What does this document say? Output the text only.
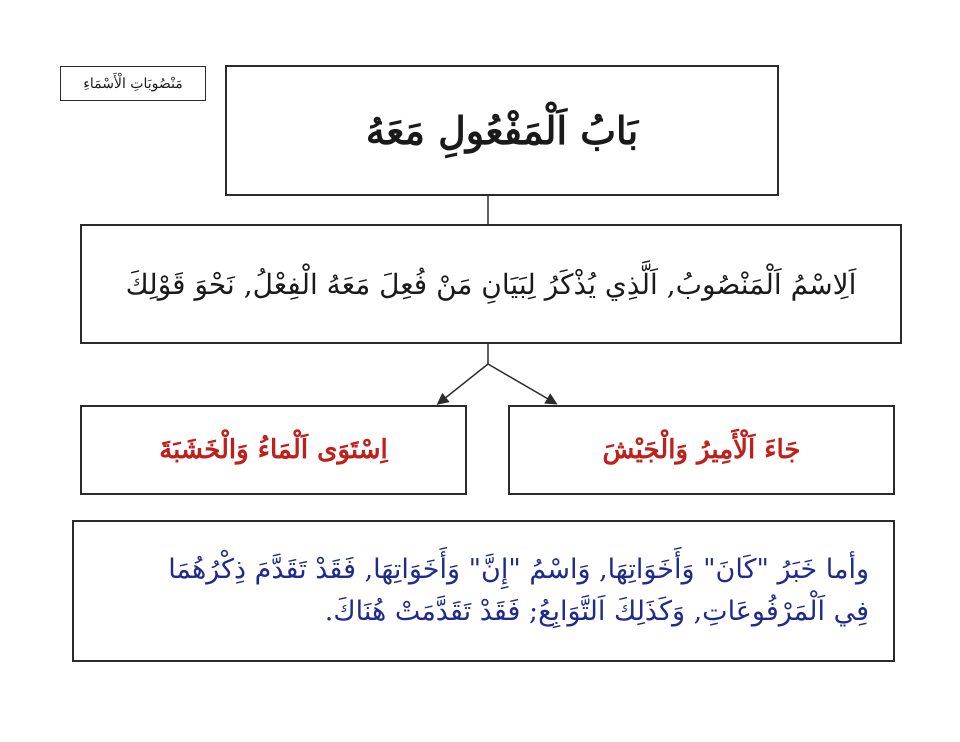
مَنْصُوبَاتِ الْأَسْمَاءِ
بَابُ اَلْمَفْعُولِ مَعَهُ
اَلِاسْمُ اَلْمَنْصُوبُ, اَلَّذِي يُذْكَرُ لِبَيَانِ مَنْ فُعِلَ مَعَهُ الْفِعْلُ, نَحْوَ قَوْلِكَ
جَاءَ اَلْأَمِيرُ وَالْجَيْشَ
اِسْتَوَى اَلْمَاءُ وَالْخَشَبَةَ
وأما خَبَرُ "كَانَ" وَأَخَوَاتِهَا, وَاسْمُ "إِنَّ" وَأَخَوَاتِهَا, فَقَدْ تَقَدَّمَ ذِكْرُهُمَا
فِي اَلْمَرْفُوعَاتِ, وَكَذَلِكَ اَلتَّوَابِعُ; فَقَدْ تَقَدَّمَتْ هُنَاكَ.
